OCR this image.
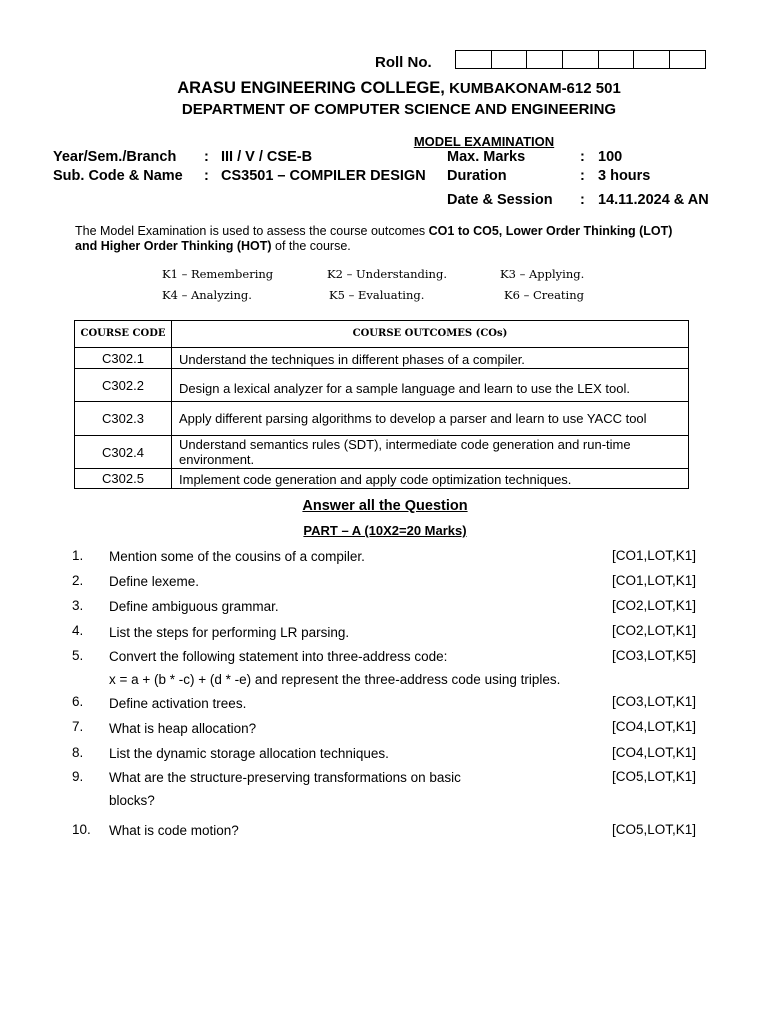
Roll No.
ARASU ENGINEERING COLLEGE, KUMBAKONAM-612 501
DEPARTMENT OF COMPUTER SCIENCE AND ENGINEERING
MODEL EXAMINATION
Year/Sem./Branch : III / V / CSE-B
Sub. Code & Name : CS3501 – COMPILER DESIGN
Max. Marks	: 100
Duration	: 3 hours
Date & Session : 14.11.2024 & AN
The Model Examination is used to assess the course outcomes CO1 to CO5, Lower Order Thinking (LOT) and Higher Order Thinking (HOT) of the course.
K1 – Remembering	K2 – Understanding.	K3 – Applying.
K4 – Analyzing.	K5 – Evaluating.	K6 – Creating
COURSE CODE	COURSE OUTCOMES (COs)
C302.1	Understand the techniques in different phases of a compiler.
C302.2	Design a lexical analyzer for a sample language and learn to use the LEX tool.
C302.3	Apply different parsing algorithms to develop a parser and learn to use YACC tool
C302.4	Understand semantics rules (SDT), intermediate code generation and run-time environment.
C302.5	Implement code generation and apply code optimization techniques.
Answer all the Question
PART – A (10X2=20 Marks)
1. Mention some of the cousins of a compiler.	[CO1,LOT,K1]
2. Define lexeme.	[CO1,LOT,K1]
3. Define ambiguous grammar.	[CO2,LOT,K1]
4. List the steps for performing LR parsing.	[CO2,LOT,K1]
5. Convert the following statement into three-address code:
x = a + (b * -c) + (d * -e) and represent the three-address code using triples.
[CO3,LOT,K5]
6. Define activation trees.	[CO3,LOT,K1]
7. What is heap allocation?	[CO4,LOT,K1]
8. List the dynamic storage allocation techniques.	[CO4,LOT,K1]
9. What are the structure-preserving transformations on basic blocks?
[CO5,LOT,K1]
10. What is code motion?	[CO5,LOT,K1]
